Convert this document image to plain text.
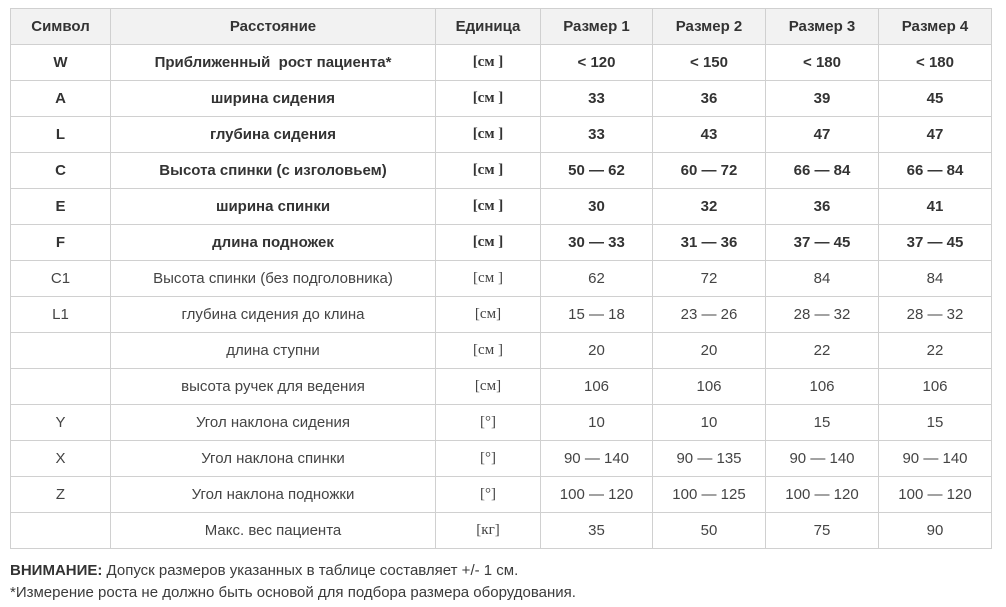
Символ	Расстояние	Единица	Размер 1	Размер 2	Размер 3	Размер 4
W	Приближенный  рост пациента*	[см ]	< 120	< 150	< 180	< 180
A	ширина сидения	[см ]	33	36	39	45
L	глубина сидения	[см ]	33	43	47	47
C	Высота спинки (с изголовьем)	[см ]	50 — 62	60 — 72	66 — 84	66 — 84
E	ширина спинки	[см ]	30	32	36	41
F	длина подножек	[см ]	30 — 33	31 — 36	37 — 45	37 — 45
C1	Высота спинки (без подголовника)	[см ]	62	72	84	84
L1	глубина сидения до клина	[см]	15 — 18	23 — 26	28 — 32	28 — 32
	длина ступни	[см ]	20	20	22	22
	высота ручек для ведения	[см]	106	106	106	106
Y	Угол наклона сидения	[°]	10	10	15	15
X	Угол наклона спинки	[°]	90 — 140	90 — 135	90 — 140	90 — 140
Z	Угол наклона подножки	[°]	100 — 120	100 — 125	100 — 120	100 — 120
	Макс. вес пациента	[кг]	35	50	75	90
ВНИМАНИЕ: Допуск размеров указанных в таблице составляет +/- 1 см.
*Измерение роста не должно быть основой для подбора размера оборудования.
